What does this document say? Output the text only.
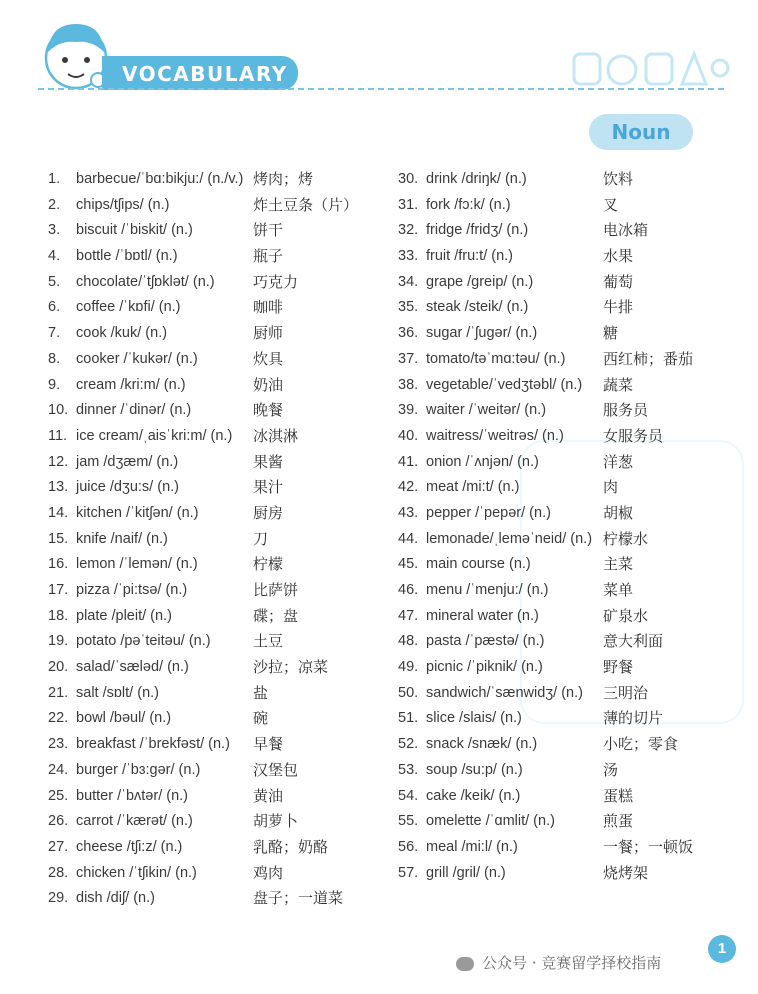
VOCABULARY
Noun
1. barbecue/ˈbɑ:bikju:/ (n./v.) 烤肉；烤
2. chips/tʃips/ (n.)	炸土豆条（片）
3. biscuit /ˈbiskit/ (n.)	饼干
4. bottle /ˈbɒtl/ (n.)	瓶子
5. chocolate/ˈtʃɒklət/ (n.)	巧克力
6. coffee /ˈkɒfi/ (n.)	咖啡
7. cook /kuk/ (n.)	厨师
8. cooker /ˈkukər/ (n.)	炊具
9. cream /kri:m/ (n.)	奶油
10. dinner /ˈdinər/ (n.)	晚餐
11. ice cream/ˌaisˈkri:m/ (n.) 冰淇淋
12. jam /dʒæm/ (n.)	果酱
13. juice /dʒu:s/ (n.)	果汁
14. kitchen /ˈkitʃən/ (n.)	厨房
15. knife /naif/ (n.)	刀
16. lemon /ˈlemən/ (n.)	柠檬
17. pizza /ˈpi:tsə/ (n.)	比萨饼
18. plate /pleit/ (n.)	碟；盘
19. potato /pəˈteitəu/ (n.)	土豆
20. salad/ˈsæləd/ (n.)	沙拉；凉菜
21. salt /sɒlt/ (n.)	盐
22. bowl /bəul/ (n.)	碗
23. breakfast /ˈbrekfəst/ (n.) 早餐
24. burger /ˈbɜ:gər/ (n.)	汉堡包
25. butter /ˈbʌtər/ (n.)	黄油
26. carrot /ˈkærət/ (n.)	胡萝卜
27. cheese /tʃi:z/ (n.)	乳酪；奶酪
28. chicken /ˈtʃikin/ (n.)	鸡肉
29. dish /diʃ/ (n.)	盘子；一道菜
30. drink /driŋk/ (n.)	饮料
31. fork /fɔ:k/ (n.)	叉
32. fridge /fridʒ/ (n.)	电冰箱
33. fruit /fru:t/ (n.)	水果
34. grape /greip/ (n.)	葡萄
35. steak /steik/ (n.)	牛排
36. sugar /ˈʃugər/ (n.)	糖
37. tomato/təˈmɑ:təu/ (n.)	西红柿；番茄
38. vegetable/ˈvedʒtəbl/ (n.) 蔬菜
39. waiter /ˈweitər/ (n.)	服务员
40. waitress/ˈweitrəs/ (n.)	女服务员
41. onion /ˈʌnjən/ (n.)	洋葱
42. meat /mi:t/ (n.)	肉
43. pepper /ˈpepər/ (n.)	胡椒
44. lemonade/ˌleməˈneid/ (n.) 柠檬水
45. main course (n.)	主菜
46. menu /ˈmenju:/ (n.)	菜单
47. mineral water (n.)	矿泉水
48. pasta /ˈpæstə/ (n.)	意大利面
49. picnic /ˈpiknik/ (n.)	野餐
50. sandwich/ˈsænwidʒ/ (n.) 三明治
51. slice /slais/ (n.)	薄的切片
52. snack /snæk/ (n.)	小吃；零食
53. soup /su:p/ (n.)	汤
54. cake /keik/ (n.)	蛋糕
55. omelette /ˈɑmlit/ (n.)	煎蛋
56. meal /mi:l/ (n.)	一餐；一顿饭
57. grill /gril/ (n.)	烧烤架
公众号 · 竞赛留学择校指南
1
